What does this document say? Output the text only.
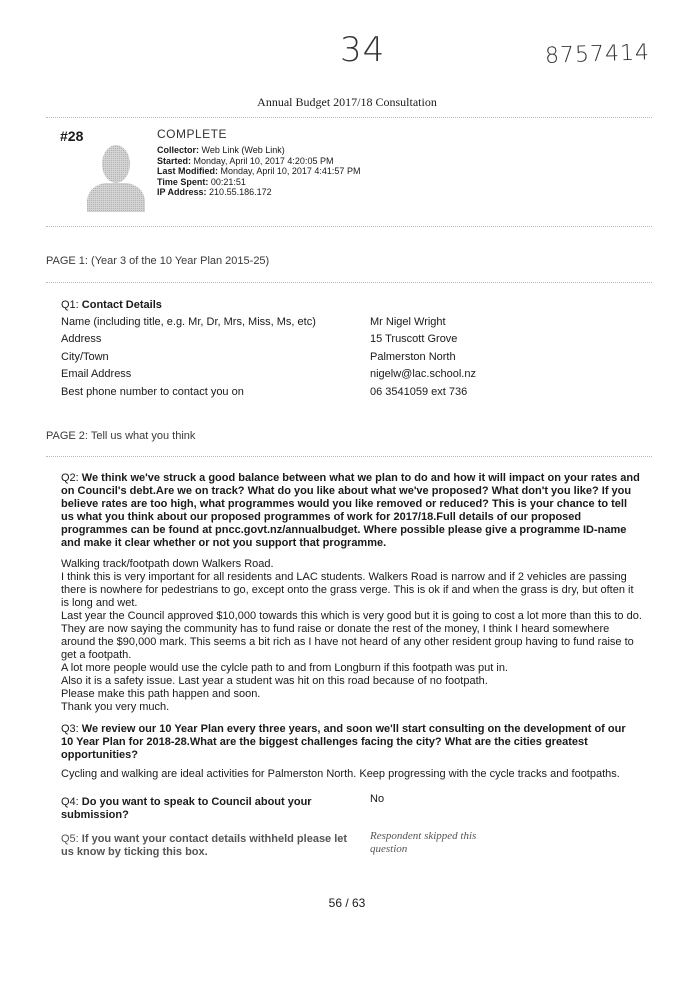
34	8757414
Annual Budget 2017/18 Consultation
#28	COMPLETE
Collector: Web Link (Web Link)
Started: Monday, April 10, 2017 4:20:05 PM
Last Modified: Monday, April 10, 2017 4:41:57 PM
Time Spent: 00:21:51
IP Address: 210.55.186.172
PAGE 1: (Year 3 of the 10 Year Plan 2015-25)
Q1: Contact Details
Name (including title, e.g. Mr, Dr, Mrs, Miss, Ms, etc)	Mr Nigel Wright
Address	15 Truscott Grove
City/Town	Palmerston North
Email Address	nigelw@lac.school.nz
Best phone number to contact you on	06 3541059 ext 736
PAGE 2: Tell us what you think
Q2: We think we've struck a good balance between what we plan to do and how it will impact on your rates and
on Council's debt.Are we on track? What do you like about what we've proposed? What don't you like? If you
believe rates are too high, what programmes would you like removed or reduced? This is your chance to tell
us what you think about our proposed programmes of work for 2017/18.Full details of our proposed
programmes can be found at pncc.govt.nz/annualbudget. Where possible please give a programme ID-name
and make it clear whether or not you support that programme.

Walking track/footpath down Walkers Road.

I think this is very important for all residents and LAC students. Walkers Road is narrow and if 2 vehicles are passing

there is nowhere for pedestrians to go, except onto the grass verge. This is ok if and when the grass is dry, but often it

is long and wet.

Last year the Council approved $10,000 towards this which is very good but it is going to cost a lot more than this to do.

They are now saying the community has to fund raise or donate the rest of the money, I think I heard somewhere

around the $90,000 mark. This seems a bit rich as I have not heard of any other resident group having to fund raise to

get a footpath.

A lot more people would use the cylcle path to and from Longburn if this footpath was put in.

Also it is a safety issue. Last year a student was hit on this road because of no footpath.

Please make this path happen and soon.

Thank you very much.

Q3: We review our 10 Year Plan every three years, and soon we'll start consulting on the development of our
10 Year Plan for 2018-28.What are the biggest challenges facing the city? What are the cities greatest
opportunities?
Cycling and walking are ideal activities for Palmerston North. Keep progressing with the cycle tracks and footpaths.
Q4: Do you want to speak to Council about your
submission?
No
Q5: If you want your contact details withheld please let
us know by ticking this box.
Respondent skipped this
question
56 / 63
